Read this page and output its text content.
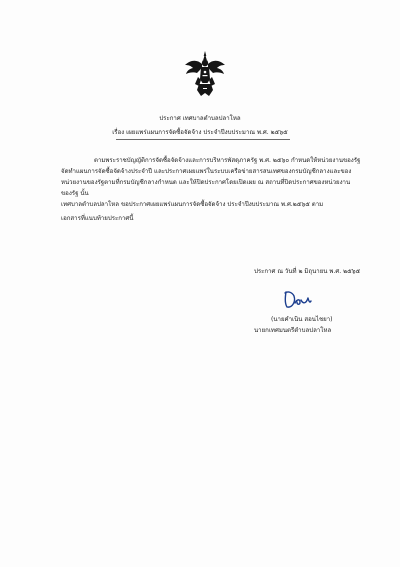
ประกาศ เทศบาลตำบลปลาโหล
เรื่อง เผยแพร่แผนการจัดซื้อจัดจ้าง ประจำปีงบประมาณ พ.ศ. ๒๕๖๕
ตามพระราชบัญญัติการจัดซื้อจัดจ้างและการบริหารพัสดุภาครัฐ พ.ศ. ๒๕๖๐ กำหนดให้หน่วยงานของรัฐ
จัดทำแผนการจัดซื้อจัดจ้างประจำปี และประกาศเผยแพร่ในระบบเครือข่ายสารสนเทศของกรมบัญชีกลางและของ
หน่วยงานของรัฐตามที่กรมบัญชีกลางกำหนด และให้ปิดประกาศโดยเปิดเผย ณ สถานที่ปิดประกาศของหน่วยงาน
ของรัฐ นั้น
เทศบาลตำบลปลาโหล ขอประกาศเผยแพร่แผนการจัดซื้อจัดจ้าง ประจำปีงบประมาณ พ.ศ.๒๕๖๕ ตาม
เอกสารที่แนบท้ายประกาศนี้
ประกาศ ณ วันที่ ๒ มิถุนายน พ.ศ. ๒๕๖๕
(นายคำเนิน สอนไชยา)
นายกเทศมนตรีตำบลปลาโหล
